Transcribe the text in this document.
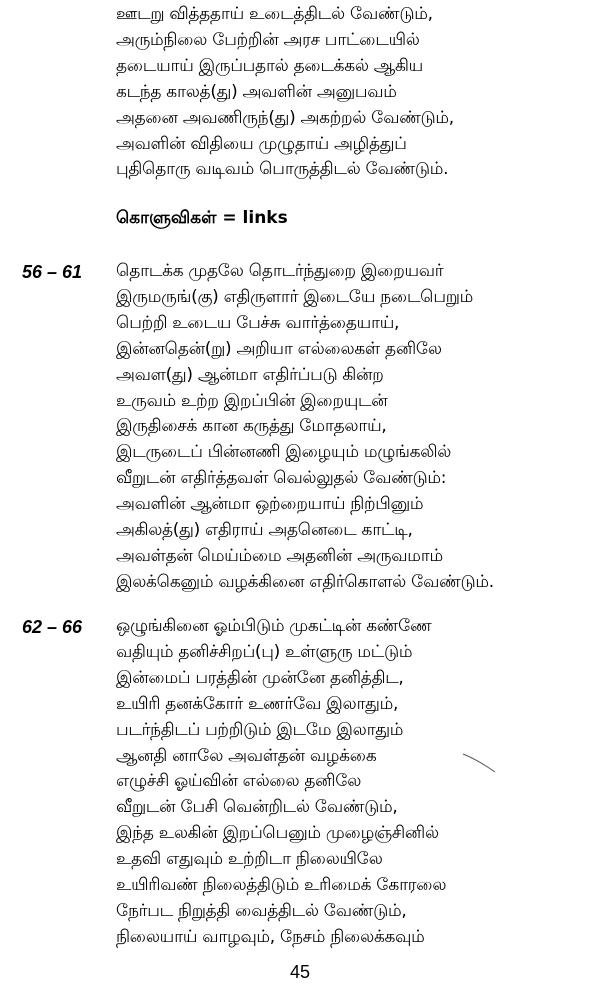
ஊடறு வித்ததாய் உடைத்திடல் வேண்டும்,
அரும்நிலை பேற்றின் அரச பாட்டையில்
தடையாய் இருப்பதால் தடைக்கல் ஆகிய
கடந்த காலத்(து) அவளின் அனுபவம்
அதனை அவணிருந்(து) அகற்றல் வேண்டும்,
அவளின் விதியை முழுதாய் அழித்துப்
புதிதொரு வடிவம் பொருத்திடல் வேண்டும்.
கொளுவிகள் = links
56 – 61 தொடக்க முதலே தொடர்ந்துறை இறையவர்
இருமருங்(கு) எதிருளார் இடையே நடைபெறும்
பெற்றி உடைய பேச்சு வார்த்தையாய்,
இன்னதென்(று) அறியா எல்லைகள் தனிலே
அவள(து) ஆன்மா எதிர்ப்படு கின்ற
உருவம் உற்ற இறப்பின் இறையுடன்
இருதிசைக் கான கருத்து மோதலாய்,
இடருடைப் பின்னணி இழையும் மழுங்கலில்
வீறுடன் எதிர்த்தவள் வெல்லுதல் வேண்டும்:
அவளின் ஆன்மா ஒற்றையாய் நிற்பினும்
அகிலத்(து) எதிராய் அதனெடை காட்டி,
அவள்தன் மெய்ம்மை அதனின் அருவமாம்
இலக்கெனும் வழக்கினை எதிர்கொளல் வேண்டும்.
62 – 66 ஒழுங்கினை ஓம்பிடும் முகட்டின் கண்ணே
வதியும் தனிச்சிறப்(பு) உள்ளுரு மட்டும்
இன்மைப் பரத்தின் முன்னே தனித்திட,
உயிரி தனக்கோர் உணர்வே இலாதும்,
படர்ந்திடப் பற்றிடும் இடமே இலாதும்
ஆனதி னாலே அவள்தன் வழக்கை
எழுச்சி ஓய்வின் எல்லை தனிலே
வீறுடன் பேசி வென்றிடல் வேண்டும்,
இந்த உலகின் இறப்பெனும் முழைஞ்சினில்
உதவி எதுவும் உற்றிடா நிலையிலே
உயிரிவண் நிலைத்திடும் உரிமைக் கோரலை
நேர்பட நிறுத்தி வைத்திடல் வேண்டும்,
நிலையாய் வாழவும், நேசம் நிலைக்கவும்
45
